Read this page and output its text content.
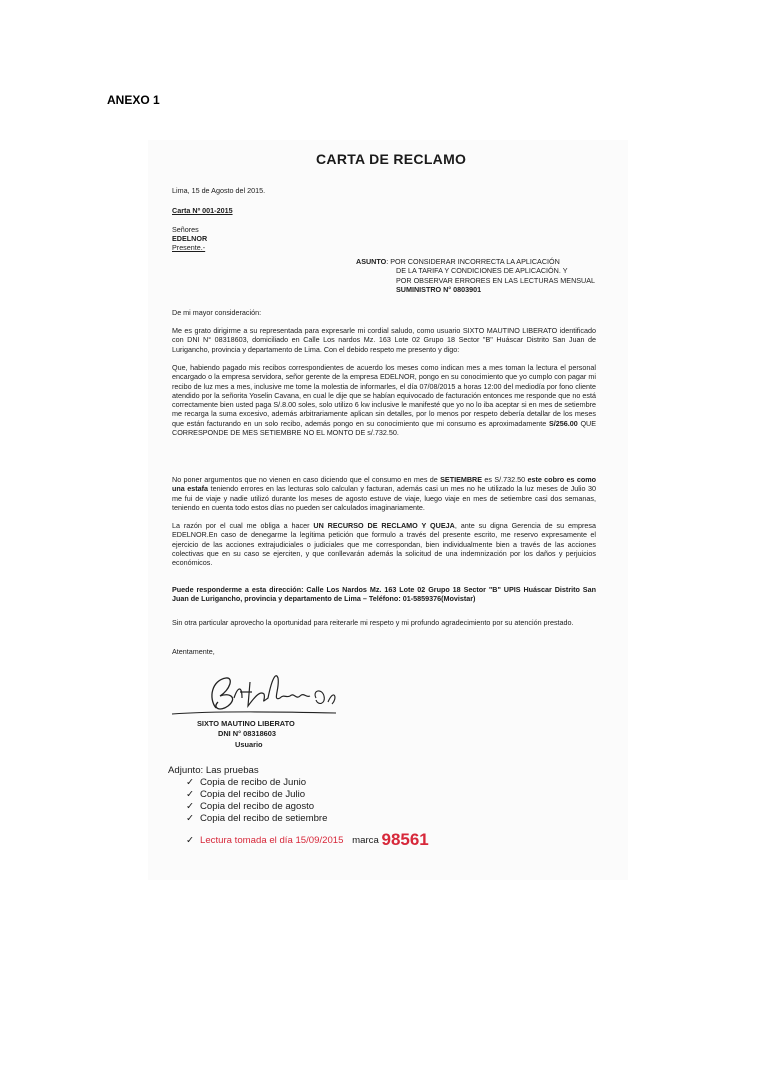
ANEXO 1
CARTA DE RECLAMO
Lima, 15 de Agosto del 2015.
Carta Nº 001-2015
Señores
EDELNOR
Presente.-
ASUNTO: POR CONSIDERAR INCORRECTA LA APLICACIÓN
DE LA TARIFA Y CONDICIONES DE APLICACIÓN. Y
POR OBSERVAR ERRORES EN LAS LECTURAS MENSUAL
SUMINISTRO N° 0803901
De mi mayor consideración:
Me es grato dirigirme a su representada para expresarle mi cordial saludo, como usuario SIXTO MAUTINO LIBERATO identificado con DNI N° 08318603, domiciliado en Calle Los nardos Mz. 163 Lote 02 Grupo 18 Sector "B" Huáscar Distrito San Juan de Lurigancho, provincia y departamento de Lima. Con el debido respeto me presento y digo:
Que, habiendo pagado mis recibos correspondientes de acuerdo los meses como indican mes a mes toman la lectura el personal encargado o la empresa servidora, señor gerente de la empresa EDELNOR, pongo en su conocimiento que yo cumplo con pagar mi recibo de luz mes a mes, inclusive me tome la molestia de informarles, el día 07/08/2015 a horas 12:00 del mediodía por fono cliente atendido por la señorita Yoselin Cavana, en cual le dije que se habían equivocado de facturación entonces me responde que no está correctamente bien usted paga S/.8.00 soles, solo utilizo 6 kw inclusive le manifesté que yo no lo iba aceptar si en mes de setiembre me recarga la suma excesivo, además arbitrariamente aplican sin detalles, por lo menos por respeto debería detallar de los meses que están facturando en un solo recibo, además pongo en su conocimiento que mi consumo es aproximadamente S/256.00 QUE CORRESPONDE DE MES SETIEMBRE NO EL MONTO DE s/.732.50.
No poner argumentos que no vienen en caso diciendo que el consumo en mes de SETIEMBRE es S/.732.50 este cobro es como una estafa teniendo errores en las lecturas solo calculan y facturan, además casi un mes no he utilizado la luz meses de Julio 30 me fui de viaje y nadie utilizó durante los meses de agosto estuve de viaje, luego viaje en mes de setiembre casi dos semanas, teniendo en cuenta todo estos días no pueden ser calculados imaginariamente.
La razón por el cual me obliga a hacer UN RECURSO DE RECLAMO Y QUEJA, ante su digna Gerencia de su empresa EDELNOR.En caso de denegarme la legítima petición que formulo a través del presente escrito, me reservo expresamente el ejercicio de las acciones extrajudiciales o judiciales que me correspondan, bien individualmente bien a través de las acciones colectivas que en su caso se ejerciten, y que conllevarán además la solicitud de una indemnización por los daños y perjuicios económicos.
Puede responderme a esta dirección: Calle Los Nardos Mz. 163 Lote 02 Grupo 18 Sector "B" UPIS Huáscar Distrito San Juan de Lurigancho, provincia y departamento de Lima – Teléfono: 01-5859376(Movistar)
Sin otra particular aprovecho la oportunidad para reiterarle mi respeto y mi profundo agradecimiento por su atención prestado.
Atentamente,
SIXTO MAUTINO LIBERATO
DNI N° 08318603
Usuario
Adjunto: Las pruebas
✓ Copia de recibo de Junio
✓ Copia del recibo de Julio
✓ Copia del recibo de agosto
✓ Copia del recibo de setiembre
✓ Lectura tomada el día 15/09/2015 marca 98561
